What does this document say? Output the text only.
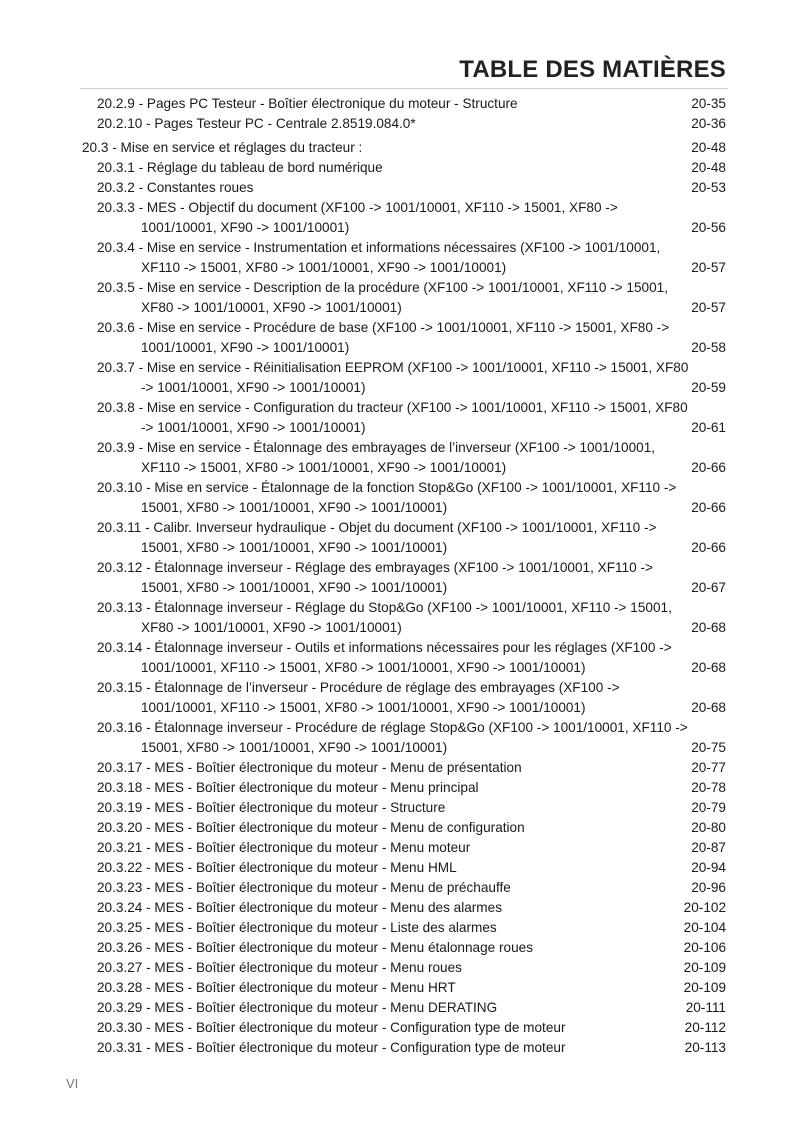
TABLE DES MATIÈRES
20.2.9 - Pages PC Testeur - Boîtier électronique du moteur - Structure	20-35
20.2.10 - Pages Testeur PC - Centrale 2.8519.084.0*	20-36
20.3 - Mise en service et réglages du tracteur :	20-48
20.3.1 - Réglage du tableau de bord numérique	20-48
20.3.2 - Constantes roues	20-53
20.3.3 - MES - Objectif du document (XF100 -> 1001/10001, XF110 -> 15001, XF80 ->
1001/10001, XF90 -> 1001/10001)	20-56
20.3.4 - Mise en service - Instrumentation et informations nécessaires (XF100 -> 1001/10001,
XF110 -> 15001, XF80 -> 1001/10001, XF90 -> 1001/10001)	20-57
20.3.5 - Mise en service - Description de la procédure (XF100 -> 1001/10001, XF110 -> 15001,
XF80 -> 1001/10001, XF90 -> 1001/10001)	20-57
20.3.6 - Mise en service - Procédure de base (XF100 -> 1001/10001, XF110 -> 15001, XF80 ->
1001/10001, XF90 -> 1001/10001)	20-58
20.3.7 - Mise en service - Réinitialisation EEPROM (XF100 -> 1001/10001, XF110 -> 15001, XF80
-> 1001/10001, XF90 -> 1001/10001)	20-59
20.3.8 - Mise en service - Configuration du tracteur (XF100 -> 1001/10001, XF110 -> 15001, XF80
-> 1001/10001, XF90 -> 1001/10001)	20-61
20.3.9 - Mise en service - Étalonnage des embrayages de l’inverseur (XF100 -> 1001/10001,
XF110 -> 15001, XF80 -> 1001/10001, XF90 -> 1001/10001)	20-66
20.3.10 - Mise en service - Étalonnage de la fonction Stop&Go (XF100 -> 1001/10001, XF110 ->
15001, XF80 -> 1001/10001, XF90 -> 1001/10001)	20-66
20.3.11 - Calibr. Inverseur hydraulique - Objet du document (XF100 -> 1001/10001, XF110 ->
15001, XF80 -> 1001/10001, XF90 -> 1001/10001)	20-66
20.3.12 - Étalonnage inverseur - Réglage des embrayages (XF100 -> 1001/10001, XF110 ->
15001, XF80 -> 1001/10001, XF90 -> 1001/10001)	20-67
20.3.13 - Étalonnage inverseur - Réglage du Stop&Go (XF100 -> 1001/10001, XF110 -> 15001,
XF80 -> 1001/10001, XF90 -> 1001/10001)	20-68
20.3.14 - Étalonnage inverseur - Outils et informations nécessaires pour les réglages (XF100 ->
1001/10001, XF110 -> 15001, XF80 -> 1001/10001, XF90 -> 1001/10001)	20-68
20.3.15 - Étalonnage de l’inverseur - Procédure de réglage des embrayages (XF100 ->
1001/10001, XF110 -> 15001, XF80 -> 1001/10001, XF90 -> 1001/10001)	20-68
20.3.16 - Étalonnage inverseur - Procédure de réglage Stop&Go (XF100 -> 1001/10001, XF110 ->
15001, XF80 -> 1001/10001, XF90 -> 1001/10001)	20-75
20.3.17 - MES - Boîtier électronique du moteur - Menu de présentation	20-77
20.3.18 - MES - Boîtier électronique du moteur - Menu principal	20-78
20.3.19 - MES - Boîtier électronique du moteur - Structure	20-79
20.3.20 - MES - Boîtier électronique du moteur - Menu de configuration	20-80
20.3.21 - MES - Boîtier électronique du moteur - Menu moteur	20-87
20.3.22 - MES - Boîtier électronique du moteur - Menu HML	20-94
20.3.23 - MES - Boîtier électronique du moteur - Menu de préchauffe	20-96
20.3.24 - MES - Boîtier électronique du moteur - Menu des alarmes	20-102
20.3.25 - MES - Boîtier électronique du moteur - Liste des alarmes	20-104
20.3.26 - MES - Boîtier électronique du moteur - Menu étalonnage roues	20-106
20.3.27 - MES - Boîtier électronique du moteur - Menu roues	20-109
20.3.28 - MES - Boîtier électronique du moteur - Menu HRT	20-109
20.3.29 - MES - Boîtier électronique du moteur - Menu DERATING	20-111
20.3.30 - MES - Boîtier électronique du moteur - Configuration type de moteur	20-112
20.3.31 - MES - Boîtier électronique du moteur - Configuration type de moteur	20-113
VI
